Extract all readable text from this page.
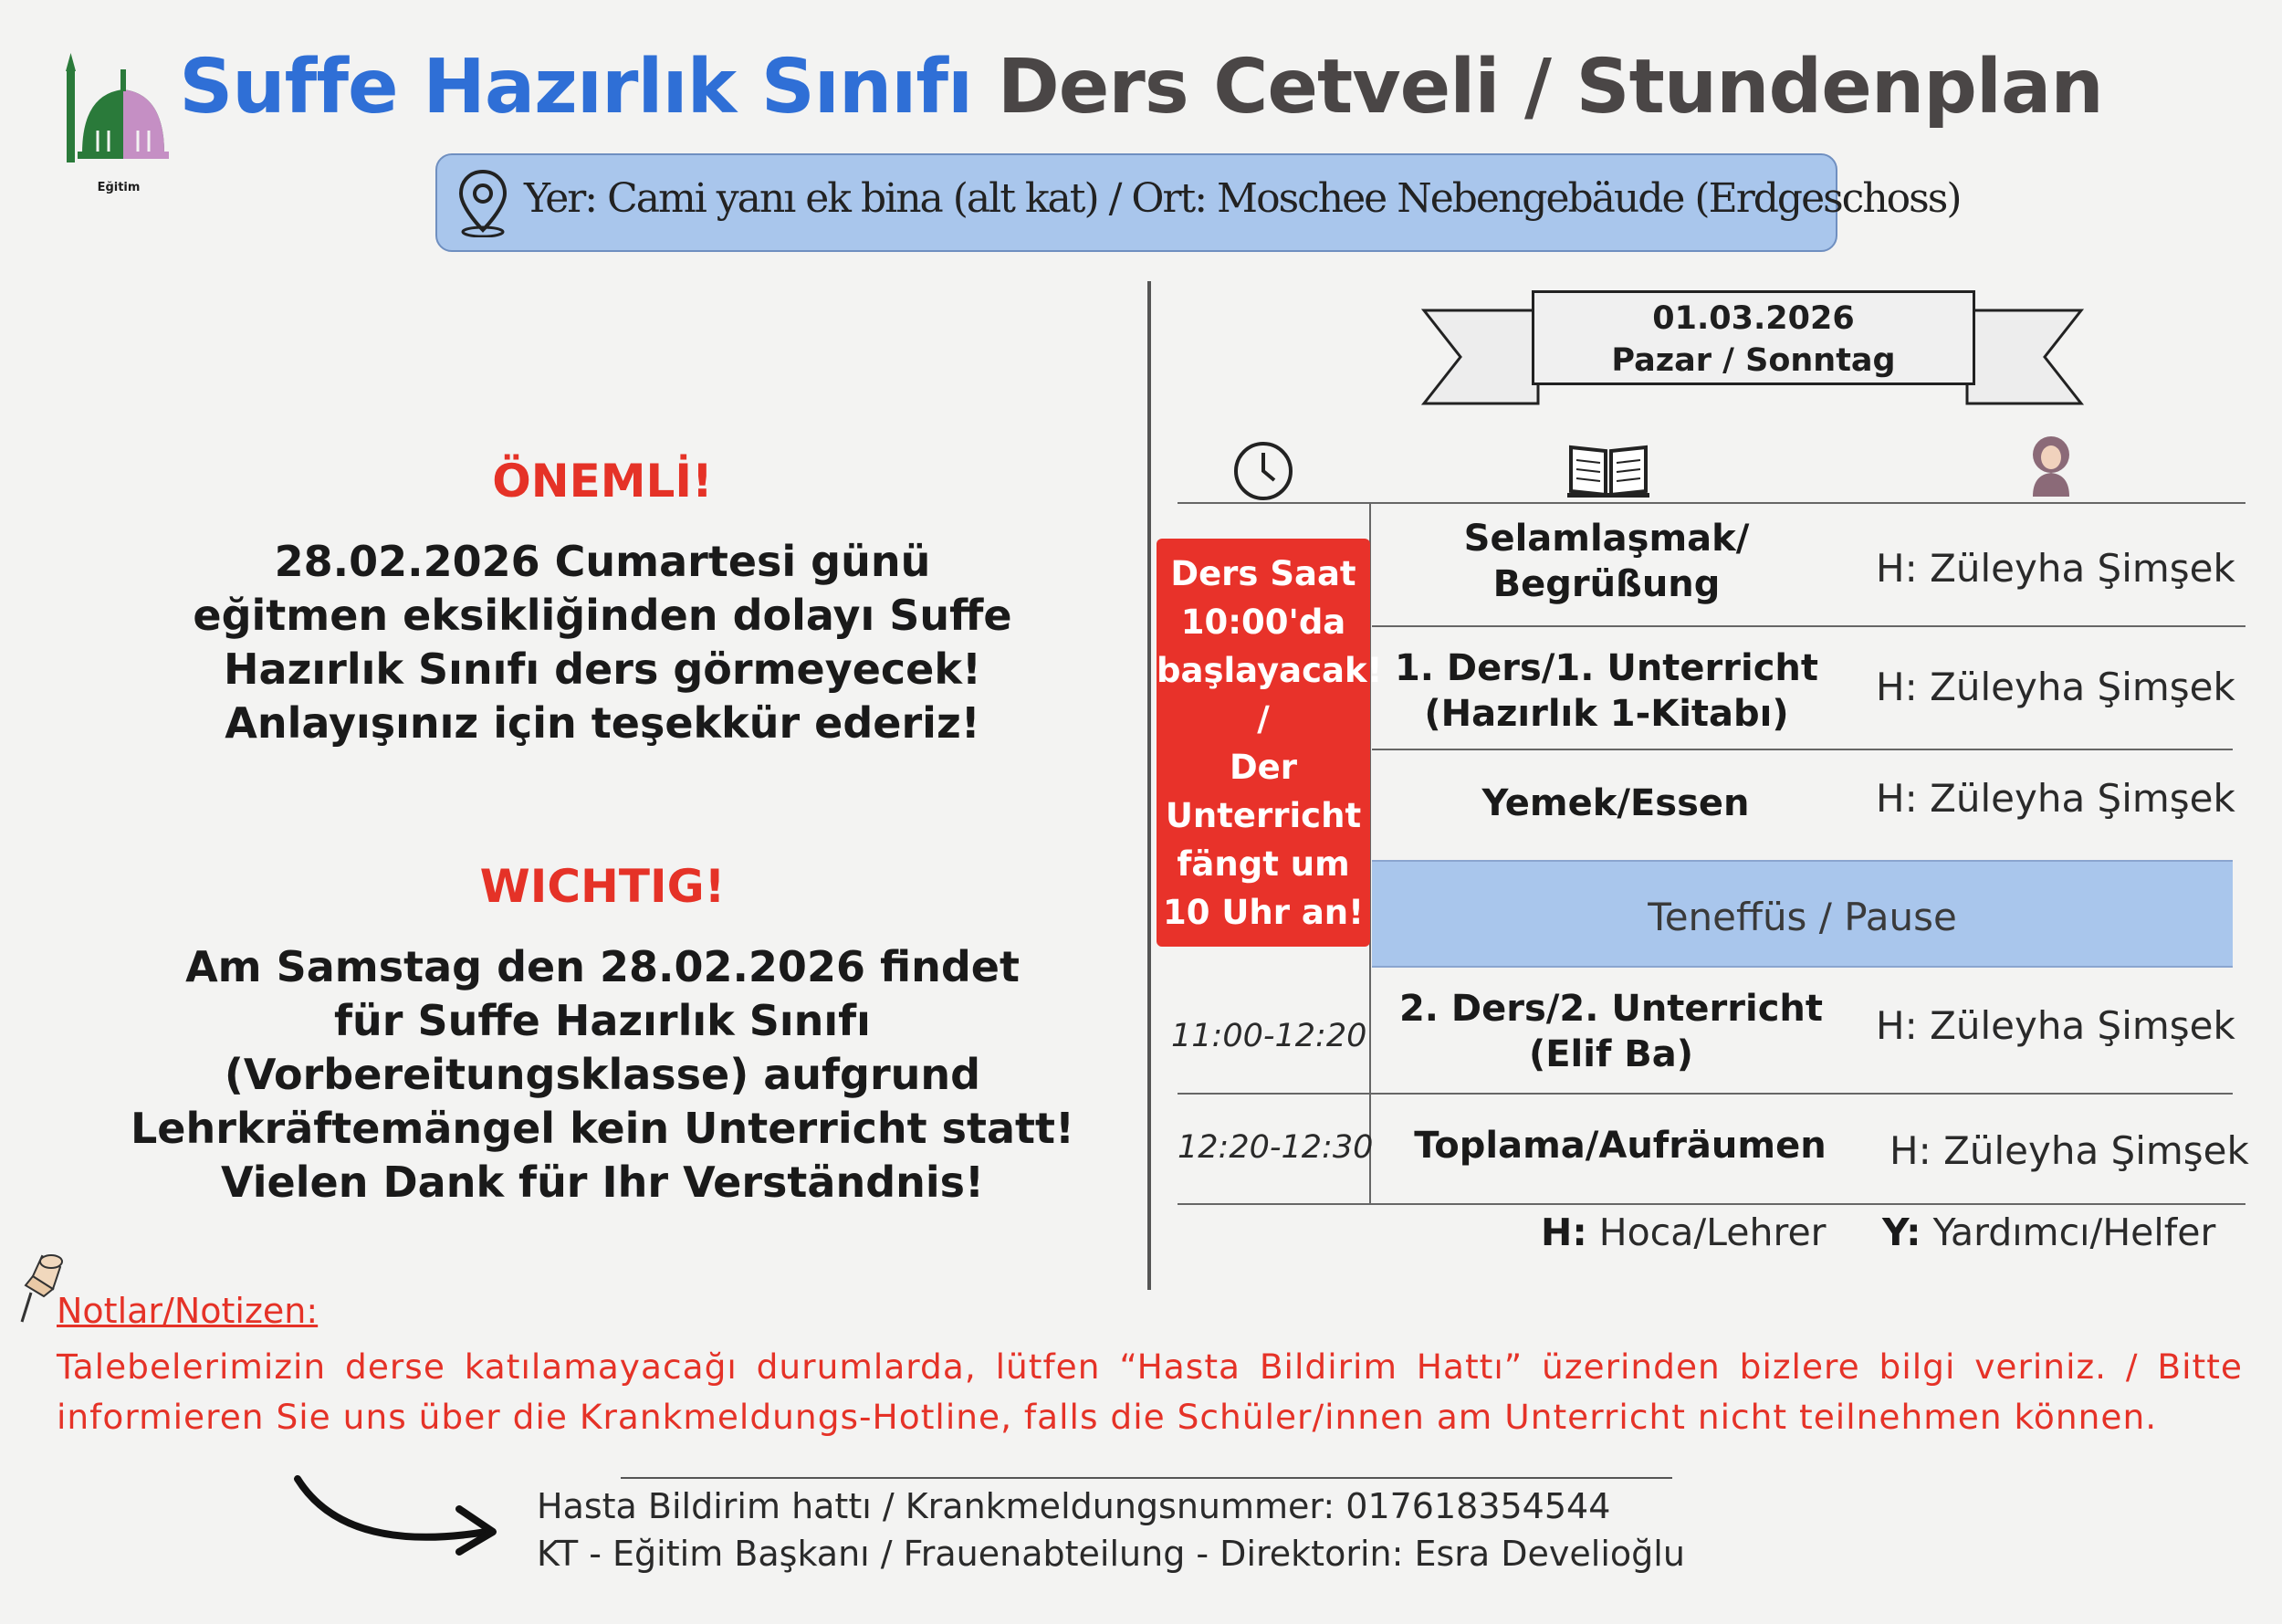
Eğitim
Suffe Hazırlık Sınıfı Ders Cetveli / Stundenplan
Yer: Cami yanı ek bina (alt kat) / Ort: Moschee Nebengebäude (Erdgeschoss)
ÖNEMLİ!
28.02.2026 Cumartesi günü
eğitmen eksikliğinden dolayı Suffe
Hazırlık Sınıfı ders görmeyecek!
Anlayışınız için teşekkür ederiz!
WICHTIG!
Am Samstag den 28.02.2026 findet
für Suffe Hazırlık Sınıfı
(Vorbereitungsklasse) aufgrund
Lehrkräftemängel kein Unterricht statt!
Vielen Dank für Ihr Verständnis!
01.03.2026
Pazar / Sonntag
Ders Saat
10:00'da
başlayacak!
/
Der
Unterricht
fängt um
10 Uhr an!
Selamlaşmak/
Begrüßung	H: Züleyha Şimşek
1. Ders/1. Unterricht
(Hazırlık 1-Kitabı)
H: Züleyha Şimşek
Yemek/Essen	H: Züleyha Şimşek
Teneffüs / Pause
11:00-12:20
2. Ders/2. Unterricht
(Elif Ba)
H: Züleyha Şimşek
12:20-12:30	Toplama/Aufräumen	H: Züleyha Şimşek
H: Hoca/Lehrer Y: Yardımcı/Helfer
Notlar/Notizen:
Talebelerimizin derse katılamayacağı durumlarda, lütfen “Hasta Bildirim Hattı” üzerinden bizlere bilgi veriniz. / Bitte informieren Sie uns über die Krankmeldungs-Hotline, falls die Schüler/innen am Unterricht nicht teilnehmen können.
Hasta Bildirim hattı / Krankmeldungsnummer: 017618354544
KT - Eğitim Başkanı / Frauenabteilung - Direktorin: Esra Develioğlu
